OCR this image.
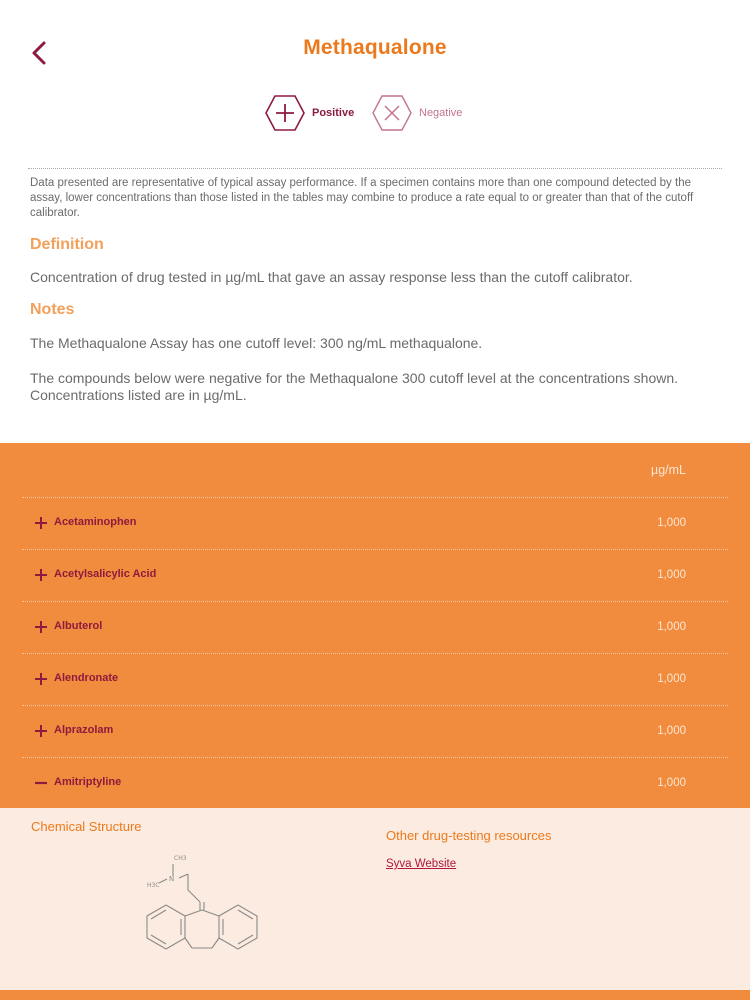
Methaqualone
Positive	Negative
Data presented are representative of typical assay performance. If a specimen contains more than one compound detected by the assay, lower concentrations than those listed in the tables may combine to produce a rate equal to or greater than that of the cutoff calibrator.
Definition
Concentration of drug tested in µg/mL that gave an assay response less than the cutoff calibrator.
Notes
The Methaqualone Assay has one cutoff level: 300 ng/mL methaqualone.
The compounds below were negative for the Methaqualone 300 cutoff level at the concentrations shown. Concentrations listed are in µg/mL.
µg/mL
Acetaminophen	1,000
Acetylsalicylic Acid	1,000
Albuterol	1,000
Alendronate	1,000
Alprazolam	1,000
Amitriptyline	1,000
Chemical Structure
CH3
N
H3C
Other drug-testing resources
Syva Website
